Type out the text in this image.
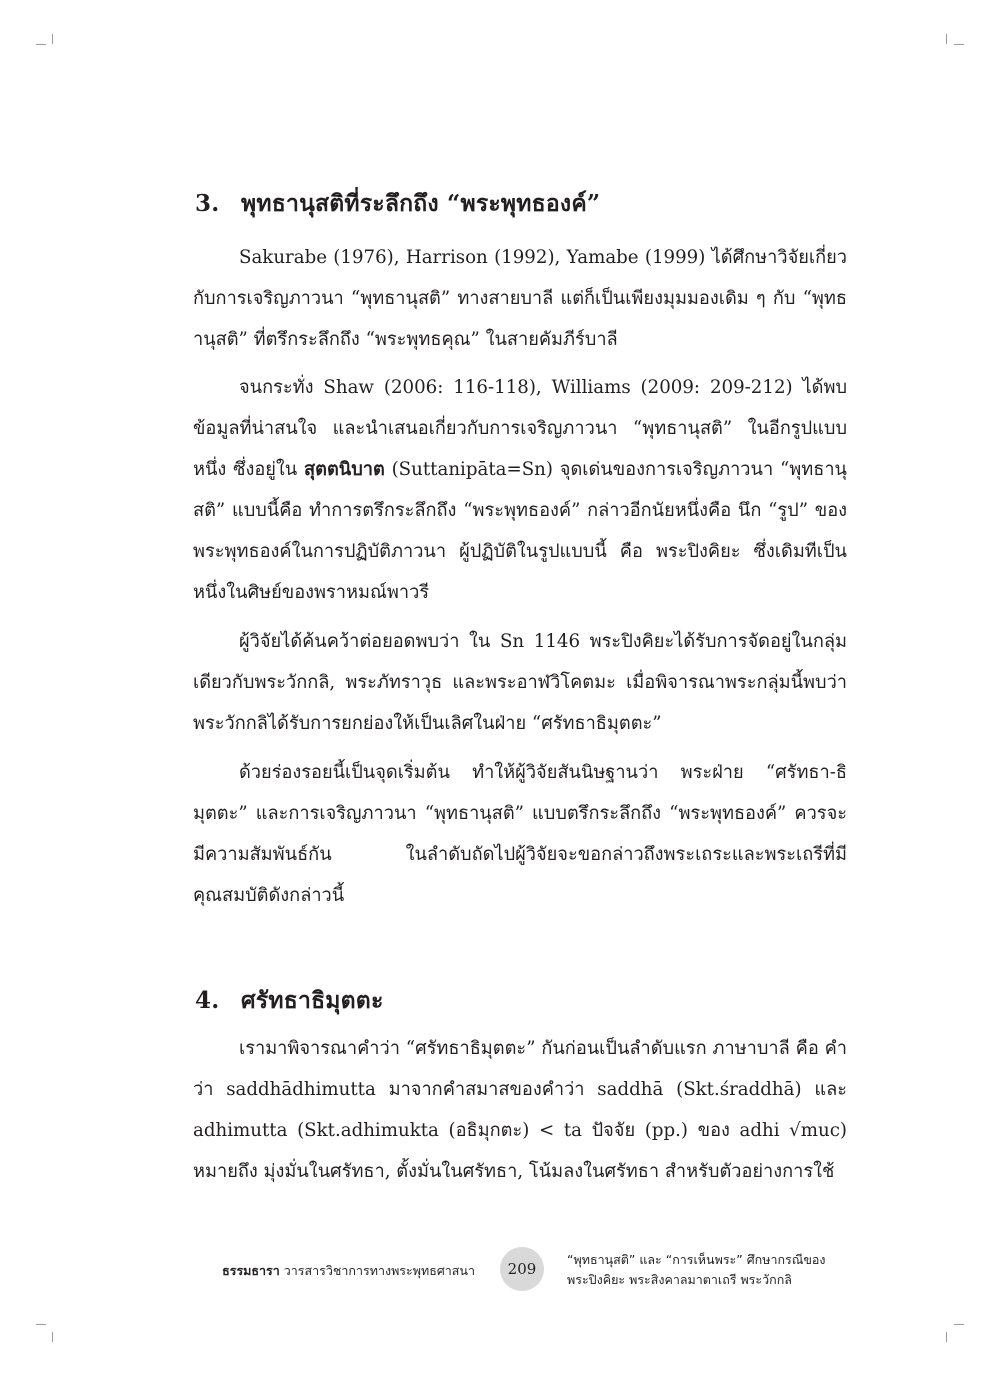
3. พุทธานุสติที่ระลึกถึง “พระพุทธองค์”

Sakurabe (1976), Harrison (1992), Yamabe (1999) ได้ศึกษาวิจัยเกี่ยวกับการเจริญภาวนา “พุทธานุสติ” ทางสายบาลี แต่ก็เป็นเพียงมุมมองเดิม ๆ กับ “พุทธานุสติ” ที่ตรึกระลึกถึง “พระพุทธคุณ” ในสายคัมภีร์บาลี

จนกระทั่ง Shaw (2006: 116-118), Williams (2009: 209-212) ได้พบ ข้อมูลที่น่าสนใจ และนำเสนอเกี่ยวกับการเจริญภาวนา “พุทธานุสติ” ในอีกรูปแบบหนึ่ง ซึ่งอยู่ใน สุตตนิบาต (Suttanipāta=Sn) จุดเด่นของการเจริญภาวนา “พุทธานุสติ” แบบนี้คือ ทำการตรึกระลึกถึง “พระพุทธองค์” กล่าวอีกนัยหนึ่งคือ นึก “รูป” ของพระพุทธองค์ในการปฏิบัติภาวนา ผู้ปฏิบัติในรูปแบบนี้ คือ พระปิงคิยะ ซึ่งเดิมทีเป็นหนึ่งในศิษย์ของพราหมณ์พาวรี

ผู้วิจัยได้ค้นคว้าต่อยอดพบว่า ใน Sn 1146 พระปิงคิยะได้รับการจัดอยู่ในกลุ่มเดียวกับพระวักกลิ, พระภัทราวุธ และพระอาฬวิโคตมะ เมื่อพิจารณาพระกลุ่มนี้พบว่า พระวักกลิได้รับการยกย่องให้เป็นเลิศในฝ่าย “ศรัทธาธิมุตตะ”

ด้วยร่องรอยนี้เป็นจุดเริ่มต้น ทำให้ผู้วิจัยสันนิษฐานว่า พระฝ่าย “ศรัทธา-ธิมุตตะ” และการเจริญภาวนา “พุทธานุสติ” แบบตรึกระลึกถึง “พระพุทธองค์” ควรจะมีความสัมพันธ์กัน ในลำดับถัดไปผู้วิจัยจะขอกล่าวถึงพระเถระและพระเถรีที่มีคุณสมบัติดังกล่าวนี้

4. ศรัทธาธิมุตตะ

เรามาพิจารณาคำว่า “ศรัทธาธิมุตตะ” กันก่อนเป็นลำดับแรก ภาษาบาลี คือ คำว่า saddhādhimutta มาจากคำสมาสของคำว่า saddhā (Skt.śraddhā) และ adhimutta (Skt.adhimukta (อธิมุกตะ) < ta ปัจจัย (pp.) ของ adhi √muc) หมายถึง มุ่งมั่นในศรัทธา, ตั้งมั่นในศรัทธา, โน้มลงในศรัทธา สำหรับตัวอย่างการใช้

ธรรมธารา วารสารวิชาการทางพระพุทธศาสนา	209
“พุทธานุสติ” และ “การเห็นพระ” ศึกษากรณีของ
พระปิงคิยะ พระสิงคาลมาตาเถรี พระวักกลิ
